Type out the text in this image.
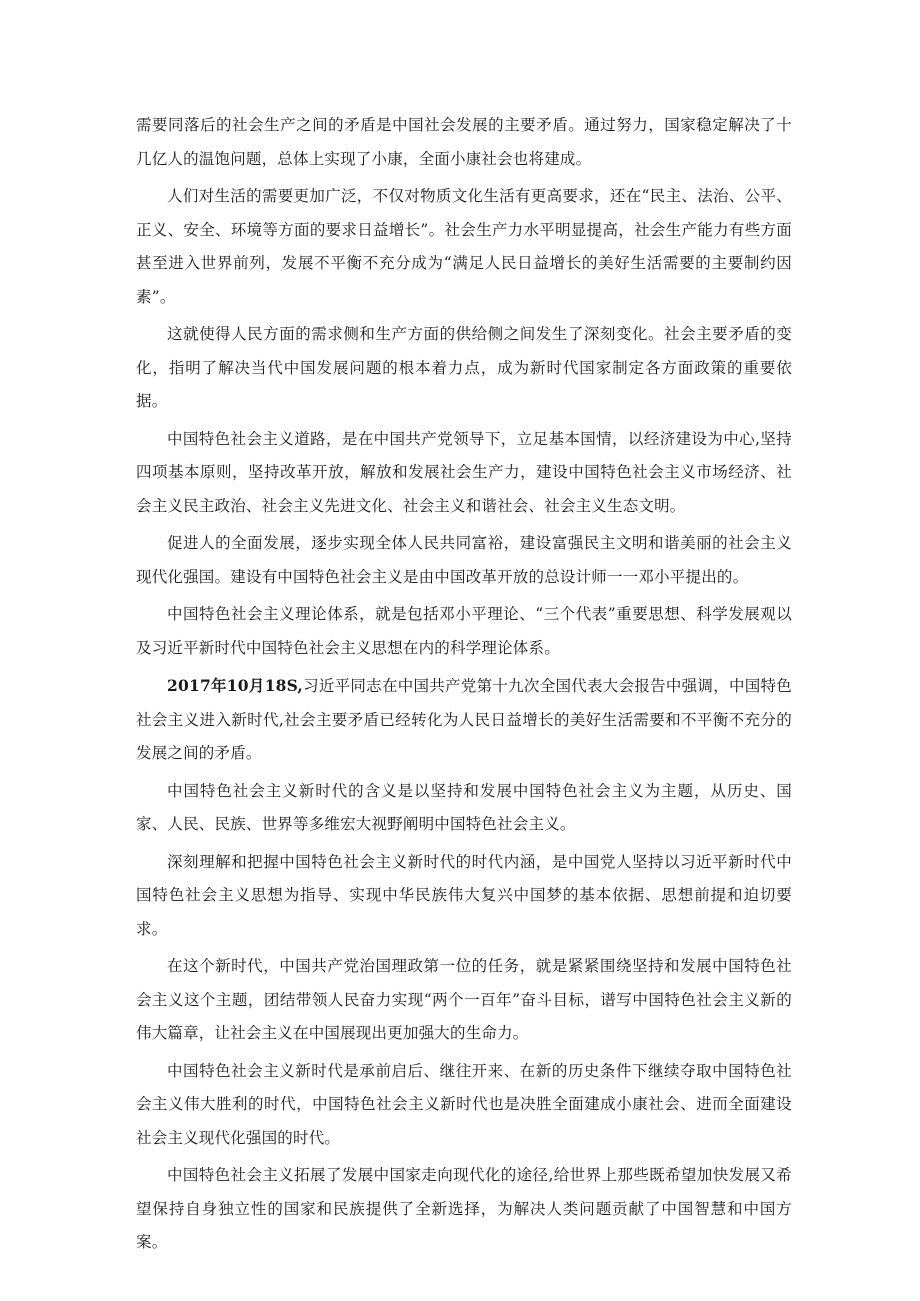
需要同落后的社会生产之间的矛盾是中国社会发展的主要矛盾。通过努力，国家稳定解决了十几亿人的温饱问题，总体上实现了小康，全面小康社会也将建成。

人们对生活的需要更加广泛，不仅对物质文化生活有更高要求，还在“民主、法治、公平、正义、安全、环境等方面的要求日益增长”。社会生产力水平明显提高，社会生产能力有些方面甚至进入世界前列，发展不平衡不充分成为“满足人民日益增长的美好生活需要的主要制约因素”。

这就使得人民方面的需求侧和生产方面的供给侧之间发生了深刻变化。社会主要矛盾的变化，指明了解决当代中国发展问题的根本着力点，成为新时代国家制定各方面政策的重要依据。

中国特色社会主义道路，是在中国共产党领导下，立足基本国情，以经济建设为中心,坚持四项基本原则，坚持改革开放，解放和发展社会生产力，建设中国特色社会主义市场经济、社会主义民主政治、社会主义先进文化、社会主义和谐社会、社会主义生态文明。

促进人的全面发展，逐步实现全体人民共同富裕，建设富强民主文明和谐美丽的社会主义现代化强国。建设有中国特色社会主义是由中国改革开放的总设计师一一邓小平提出的。

中国特色社会主义理论体系，就是包括邓小平理论、“三个代表”重要思想、科学发展观以及习近平新时代中国特色社会主义思想在内的科学理论体系。

2017年10月18S,习近平同志在中国共产党第十九次全国代表大会报告中强调，中国特色社会主义进入新时代,社会主要矛盾已经转化为人民日益增长的美好生活需要和不平衡不充分的发展之间的矛盾。

中国特色社会主义新时代的含义是以坚持和发展中国特色社会主义为主题，从历史、国家、人民、民族、世界等多维宏大视野阐明中国特色社会主义。

深刻理解和把握中国特色社会主义新时代的时代内涵，是中国党人坚持以习近平新时代中国特色社会主义思想为指导、实现中华民族伟大复兴中国梦的基本依据、思想前提和迫切要求。

在这个新时代，中国共产党治国理政第一位的任务，就是紧紧围绕坚持和发展中国特色社会主义这个主题，团结带领人民奋力实现“两个一百年”奋斗目标，谱写中国特色社会主义新的伟大篇章，让社会主义在中国展现出更加强大的生命力。

中国特色社会主义新时代是承前启后、继往开来、在新的历史条件下继续夺取中国特色社会主义伟大胜利的时代，中国特色社会主义新时代也是决胜全面建成小康社会、进而全面建设社会主义现代化强国的时代。

中国特色社会主义拓展了发展中国家走向现代化的途径,给世界上那些既希望加快发展又希望保持自身独立性的国家和民族提供了全新选择，为解决人类问题贡献了中国智慧和中国方案。
